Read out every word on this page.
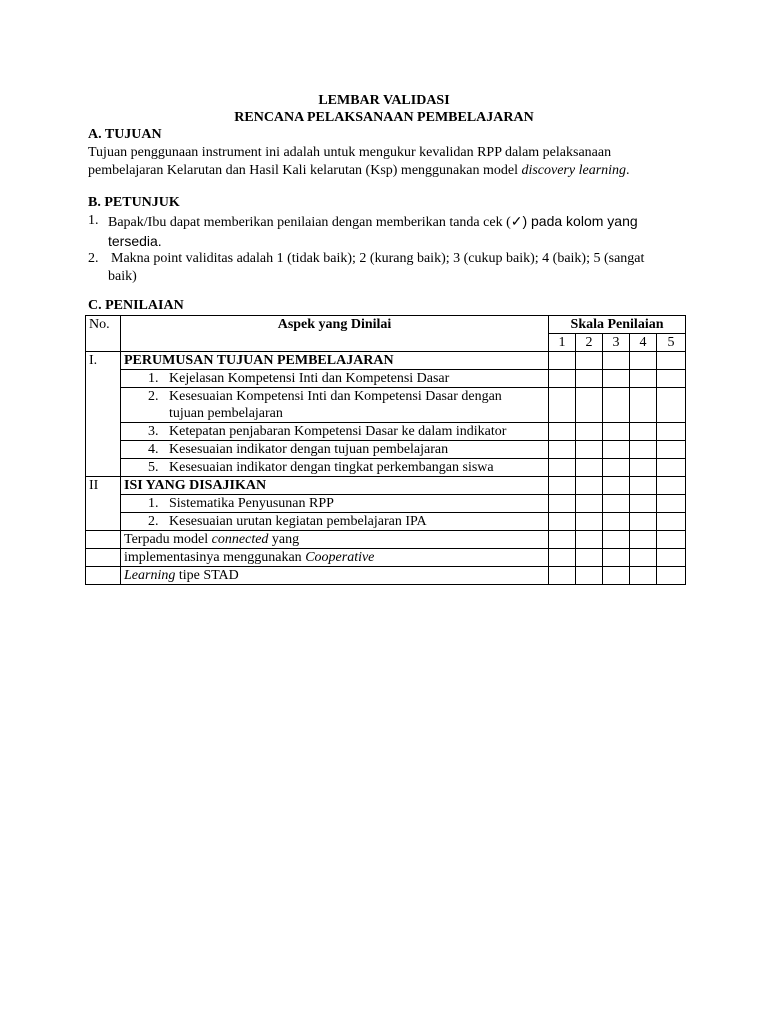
LEMBAR VALIDASI
RENCANA PELAKSANAAN PEMBELAJARAN
A. TUJUAN
Tujuan penggunaan instrument ini adalah untuk mengukur kevalidan RPP dalam pelaksanaan
pembelajaran Kelarutan dan Hasil Kali kelarutan (Ksp) menggunakan model discovery learning.
B. PETUNJUK
1. Bapak/Ibu dapat memberikan penilaian dengan memberikan tanda cek (✓) pada kolom yang
tersedia.
2. Makna point validitas adalah 1 (tidak baik); 2 (kurang baik); 3 (cukup baik); 4 (baik); 5 (sangat
baik)
C. PENILAIAN
No.	Aspek yang Dinilai	Skala Penilaian				
		1	2	3	4	5
I.	PERUMUSAN TUJUAN PEMBELAJARAN					

	1. Kejelasan Kompetensi Inti dan Kompetensi Dasar					

	2. Kesesuaian Kompetensi Inti dan Kompetensi Dasar dengan
tujuan pembelajaran					

	3. Ketepatan penjabaran Kompetensi Dasar ke dalam indikator					

	4. Kesesuaian indikator dengan tujuan pembelajaran					

	5. Kesesuaian indikator dengan tingkat perkembangan siswa					

II	ISI YANG DISAJIKAN					

	1. Sistematika Penyusunan RPP					

	2. Kesesuaian urutan kegiatan pembelajaran IPA					

	Terpadu model connected yang					
	implementasinya menggunakan Cooperative					
	Learning tipe STAD					
